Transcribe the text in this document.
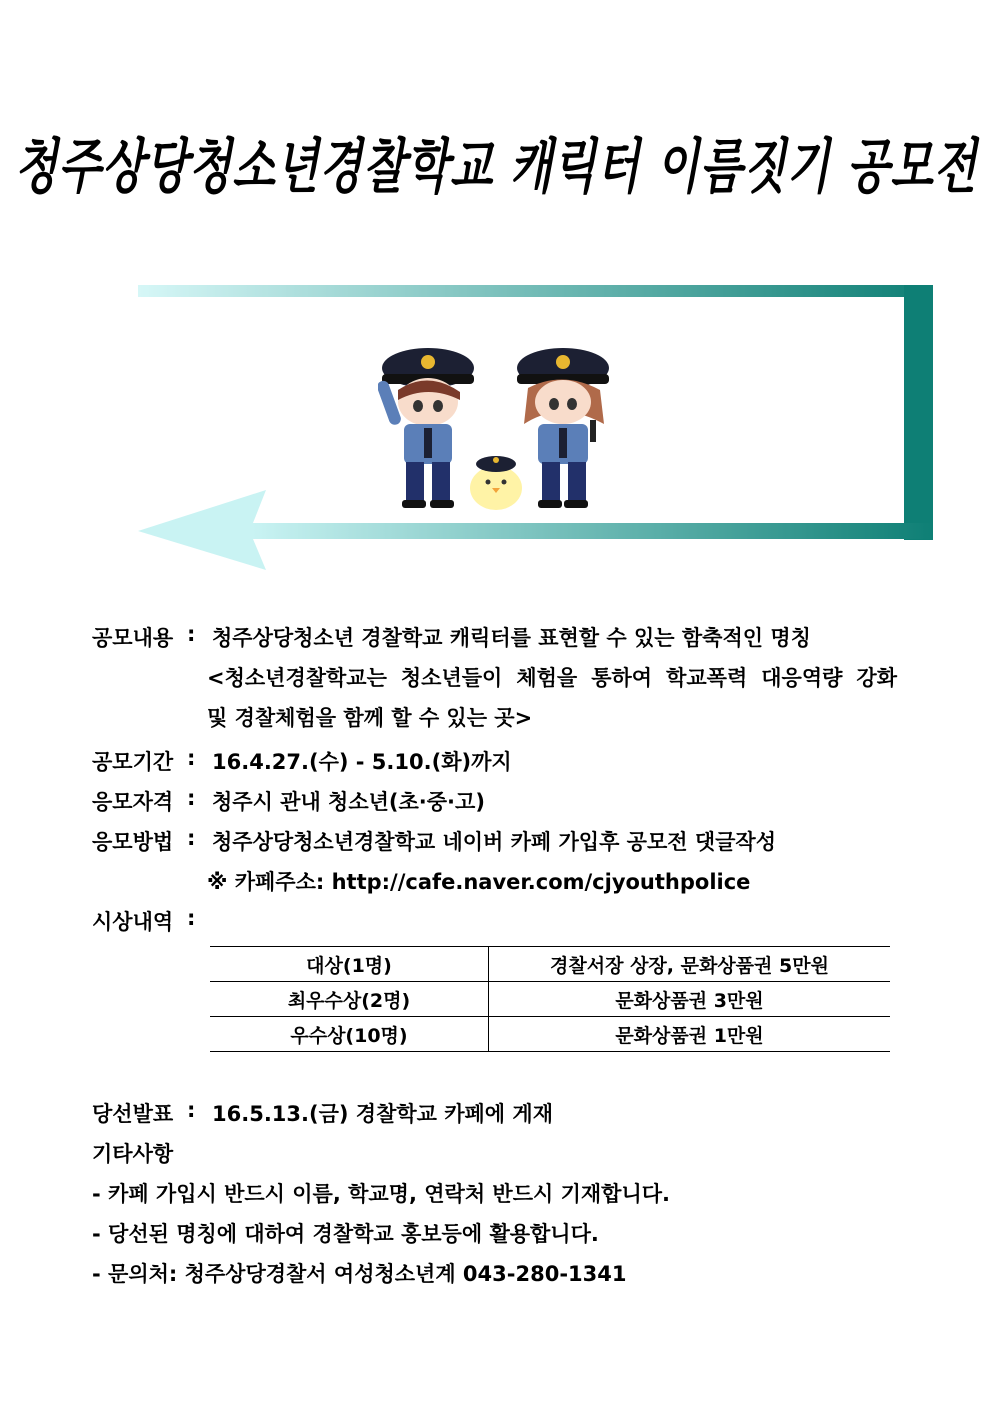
청주상당청소년경찰학교 캐릭터 이름짓기 공모전
공모내용 : 청주상당청소년 경찰학교 캐릭터를 표현할 수 있는 함축적인 명칭
<청소년경찰학교는 청소년들이 체험을 통하여 학교폭력 대응역량 강화
및 경찰체험을 함께 할 수 있는 곳>
공모기간 : 16.4.27.(수) - 5.10.(화)까지
응모자격 : 청주시 관내 청소년(초·중·고)
응모방법 : 청주상당청소년경찰학교 네이버 카페 가입후 공모전 댓글작성
※ 카페주소: http://cafe.naver.com/cjyouthpolice
시상내역 :
대상(1명)	경찰서장 상장, 문화상품권 5만원
최우수상(2명)	문화상품권 3만원
우수상(10명)	문화상품권 1만원
당선발표 : 16.5.13.(금) 경찰학교 카페에 게재
기타사항
- 카페 가입시 반드시 이름, 학교명, 연락처 반드시 기재합니다.
- 당선된 명칭에 대하여 경찰학교 홍보등에 활용합니다.
- 문의처: 청주상당경찰서 여성청소년계 043-280-1341
